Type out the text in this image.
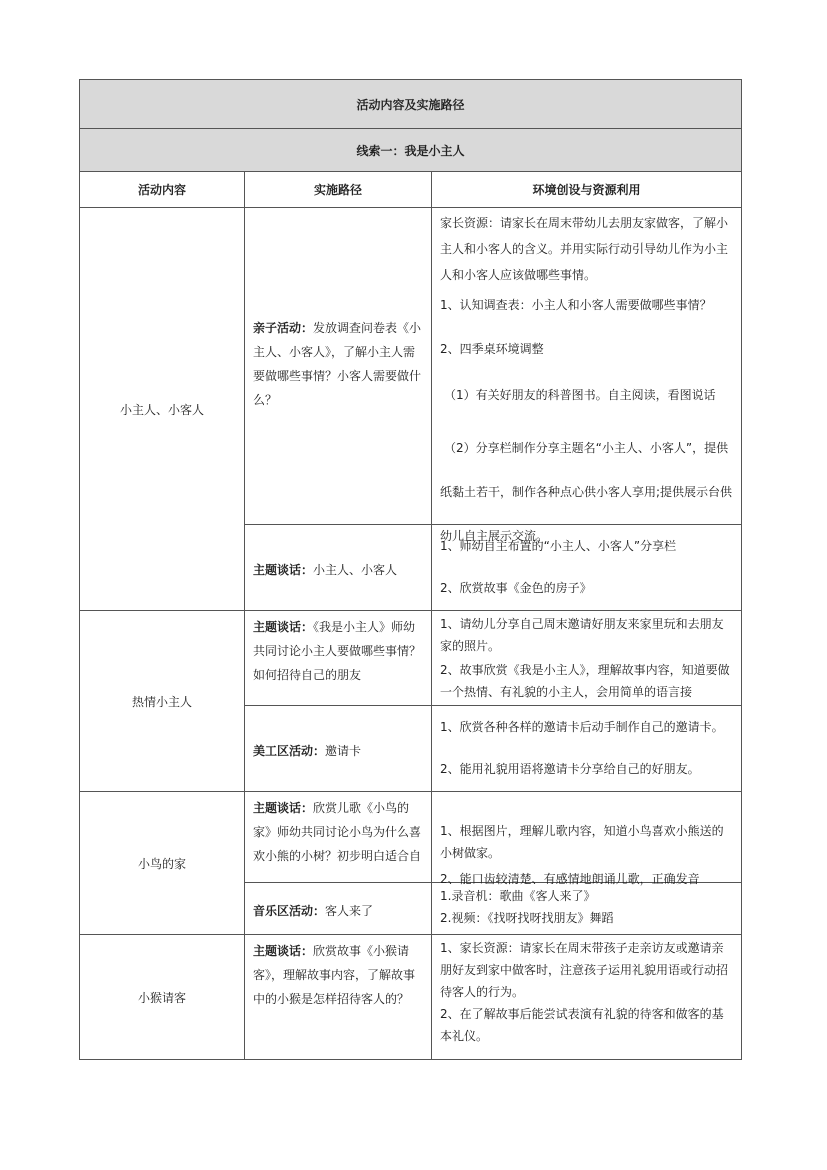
活动内容及实施路径		
线索一：我是小主人		
活动内容	实施路径	环境创设与资源利用
小主人、小客人	亲子活动：发放调查问卷表《小主人、小客人》，了解小主人需要做哪些事情？小客人需要做什么？	家长资源：请家长在周末带幼儿去朋友家做客，了解小主人和小客人的含义。并用实际行动引导幼儿作为小主人和小客人应该做哪些事情。

1、认知调查表：小主人和小客人需要做哪些事情？

2、四季桌环境调整

（1）有关好朋友的科普图书。自主阅读，看图说话

（2）分享栏制作分享主题名“小主人、小客人”，提供纸黏土若干，制作各种点心供小客人享用;提供展示台供幼儿自主展示交流。

	主题谈话：小主人、小客人	1、师幼自主布置的“小主人、小客人”分享栏

2、欣赏故事《金色的房子》

热情小主人	主题谈话：《我是小主人》师幼共同讨论小主人要做哪些事情？如何招待自己的朋友	1、请幼儿分享自己周末邀请好朋友来家里玩和去朋友家的照片。

2、故事欣赏《我是小主人》，理解故事内容，知道要做一个热情、有礼貌的小主人，会用简单的语言接

	美工区活动：邀请卡	1、欣赏各种各样的邀请卡后动手制作自己的邀请卡。

2、能用礼貌用语将邀请卡分享给自己的好朋友。

小鸟的家	主题谈话：欣赏儿歌《小鸟的家》师幼共同讨论小鸟为什么喜欢小熊的小树？初步明白适合自	1、根据图片，理解儿歌内容，知道小鸟喜欢小熊送的小树做家。

2、能口齿较清楚、有感情地朗诵儿歌，正确发音

	音乐区活动：客人来了	1.录音机：歌曲《客人来了》

2.视频：《找呀找呀找朋友》舞蹈

小猴请客	主题谈话：欣赏故事《小猴请客》，理解故事内容，了解故事中的小猴是怎样招待客人的？	1、家长资源：请家长在周末带孩子走亲访友或邀请亲朋好友到家中做客时，注意孩子运用礼貌用语或行动招待客人的行为。

2、在了解故事后能尝试表演有礼貌的待客和做客的基本礼仪。
